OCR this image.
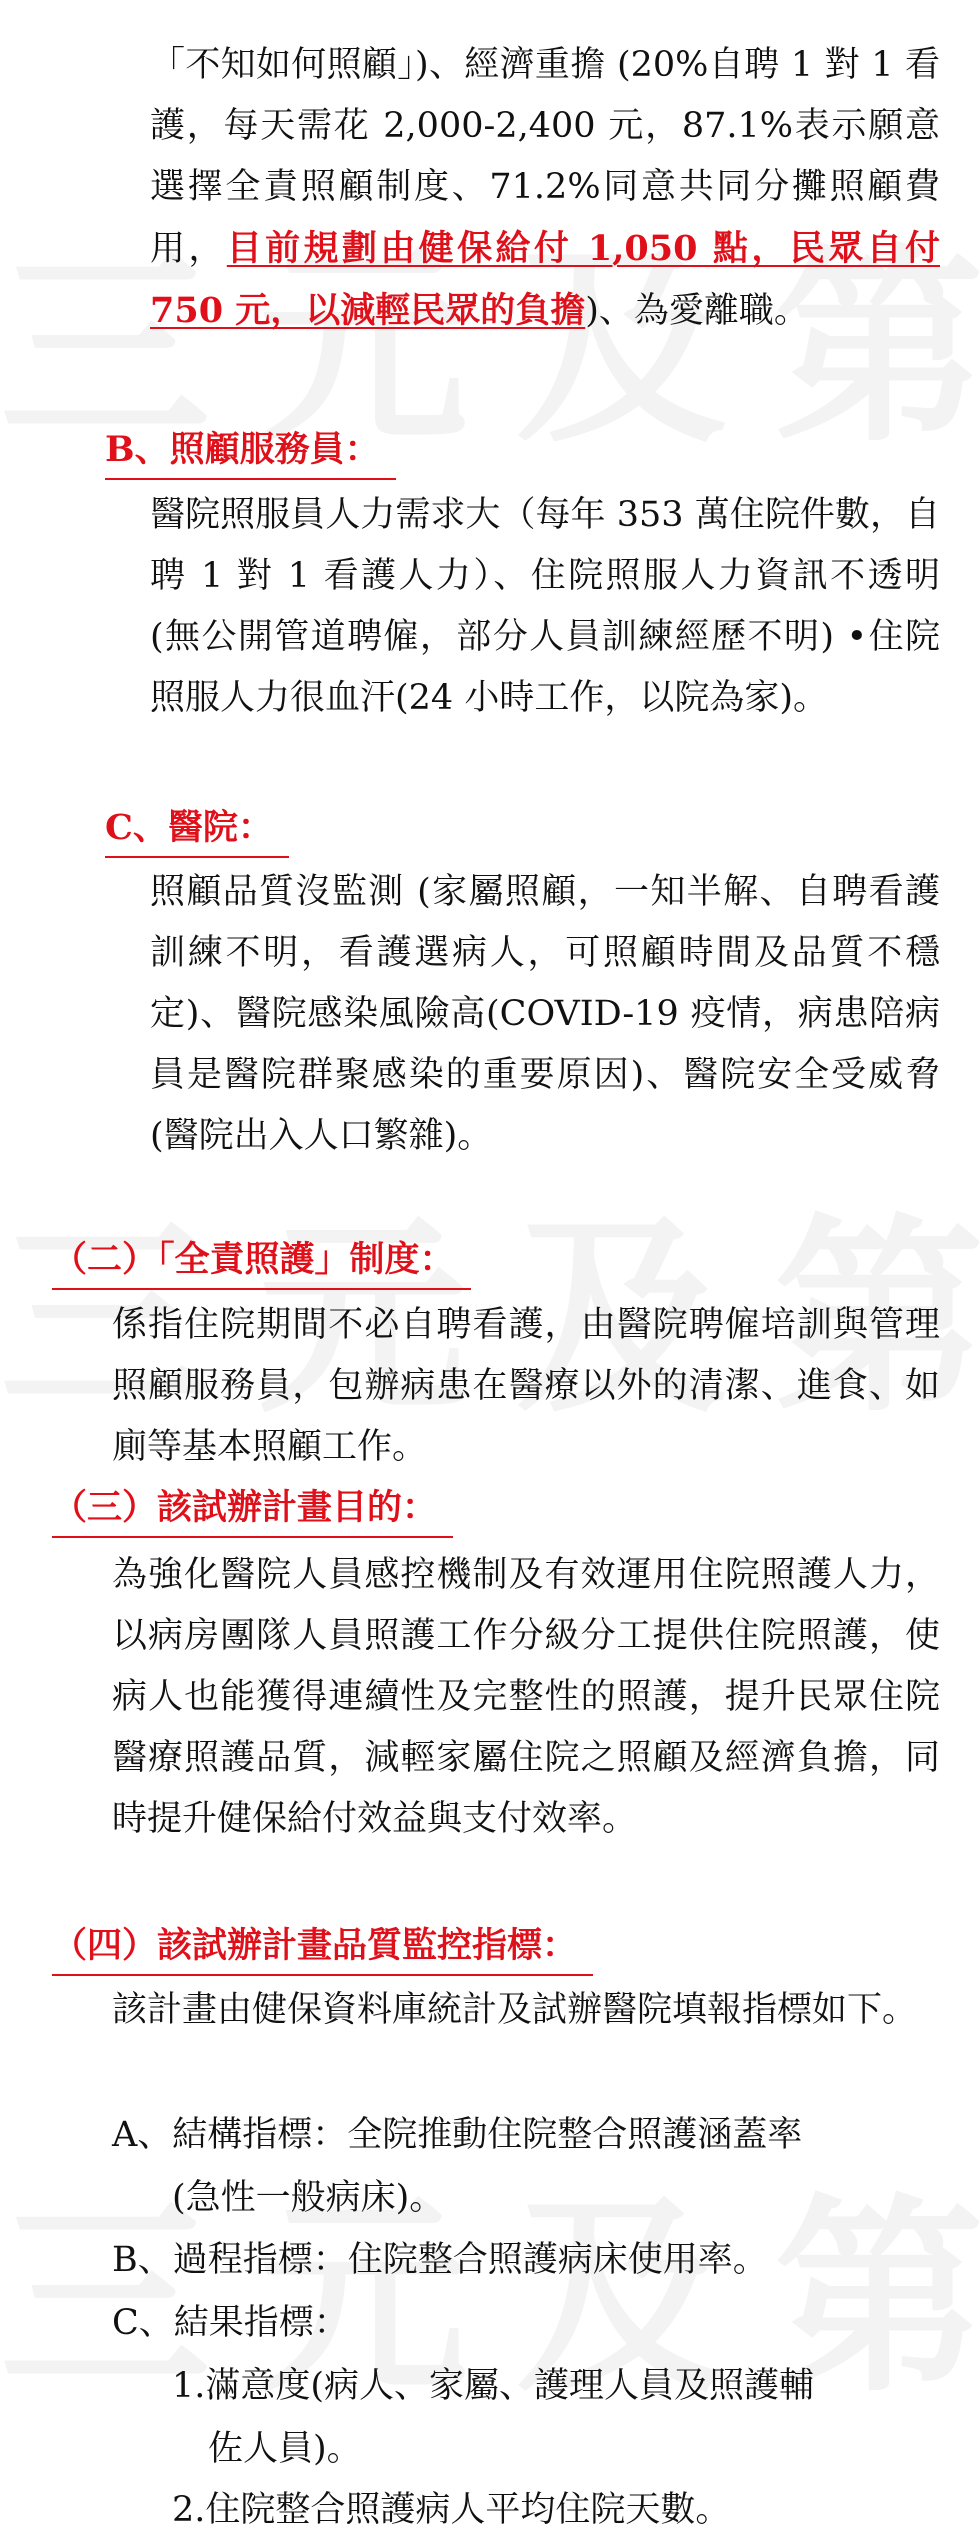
「不知如何照顧」)、經濟重擔 (20%自聘 1 對 1 看護，每天需花 2,000-2,400 元，87.1%表示願意選擇全責照顧制度、71.2%同意共同分攤照顧費用，目前規劃由健保給付 1,050 點，民眾自付 750 元，以減輕民眾的負擔)、為愛離職。
B、照顧服務員：
醫院照服員人力需求大（每年 353 萬住院件數，自聘 1 對 1 看護人力）、住院照服人力資訊不透明 (無公開管道聘僱，部分人員訓練經歷不明) •住院照服人力很血汗(24 小時工作，以院為家)。
C、醫院：
照顧品質沒監測 (家屬照顧，一知半解、自聘看護訓練不明，看護選病人，可照顧時間及品質不穩定)、醫院感染風險高(COVID-19 疫情，病患陪病員是醫院群聚感染的重要原因)、醫院安全受威脅 (醫院出入人口繁雜)。
（二）「全責照護」制度：
係指住院期間不必自聘看護，由醫院聘僱培訓與管理照顧服務員，包辦病患在醫療以外的清潔、進食、如廁等基本照顧工作。
（三）該試辦計畫目的：
為強化醫院人員感控機制及有效運用住院照護人力，以病房團隊人員照護工作分級分工提供住院照護，使病人也能獲得連續性及完整性的照護，提升民眾住院醫療照護品質，減輕家屬住院之照顧及經濟負擔，同時提升健保給付效益與支付效率。
（四）該試辦計畫品質監控指標：
該計畫由健保資料庫統計及試辦醫院填報指標如下。
A、結構指標：全院推動住院整合照護涵蓋率
(急性一般病床)。
B、過程指標：住院整合照護病床使用率。
C、結果指標：
1.滿意度(病人、家屬、護理人員及照護輔
佐人員)。
2.住院整合照護病人平均住院天數。
